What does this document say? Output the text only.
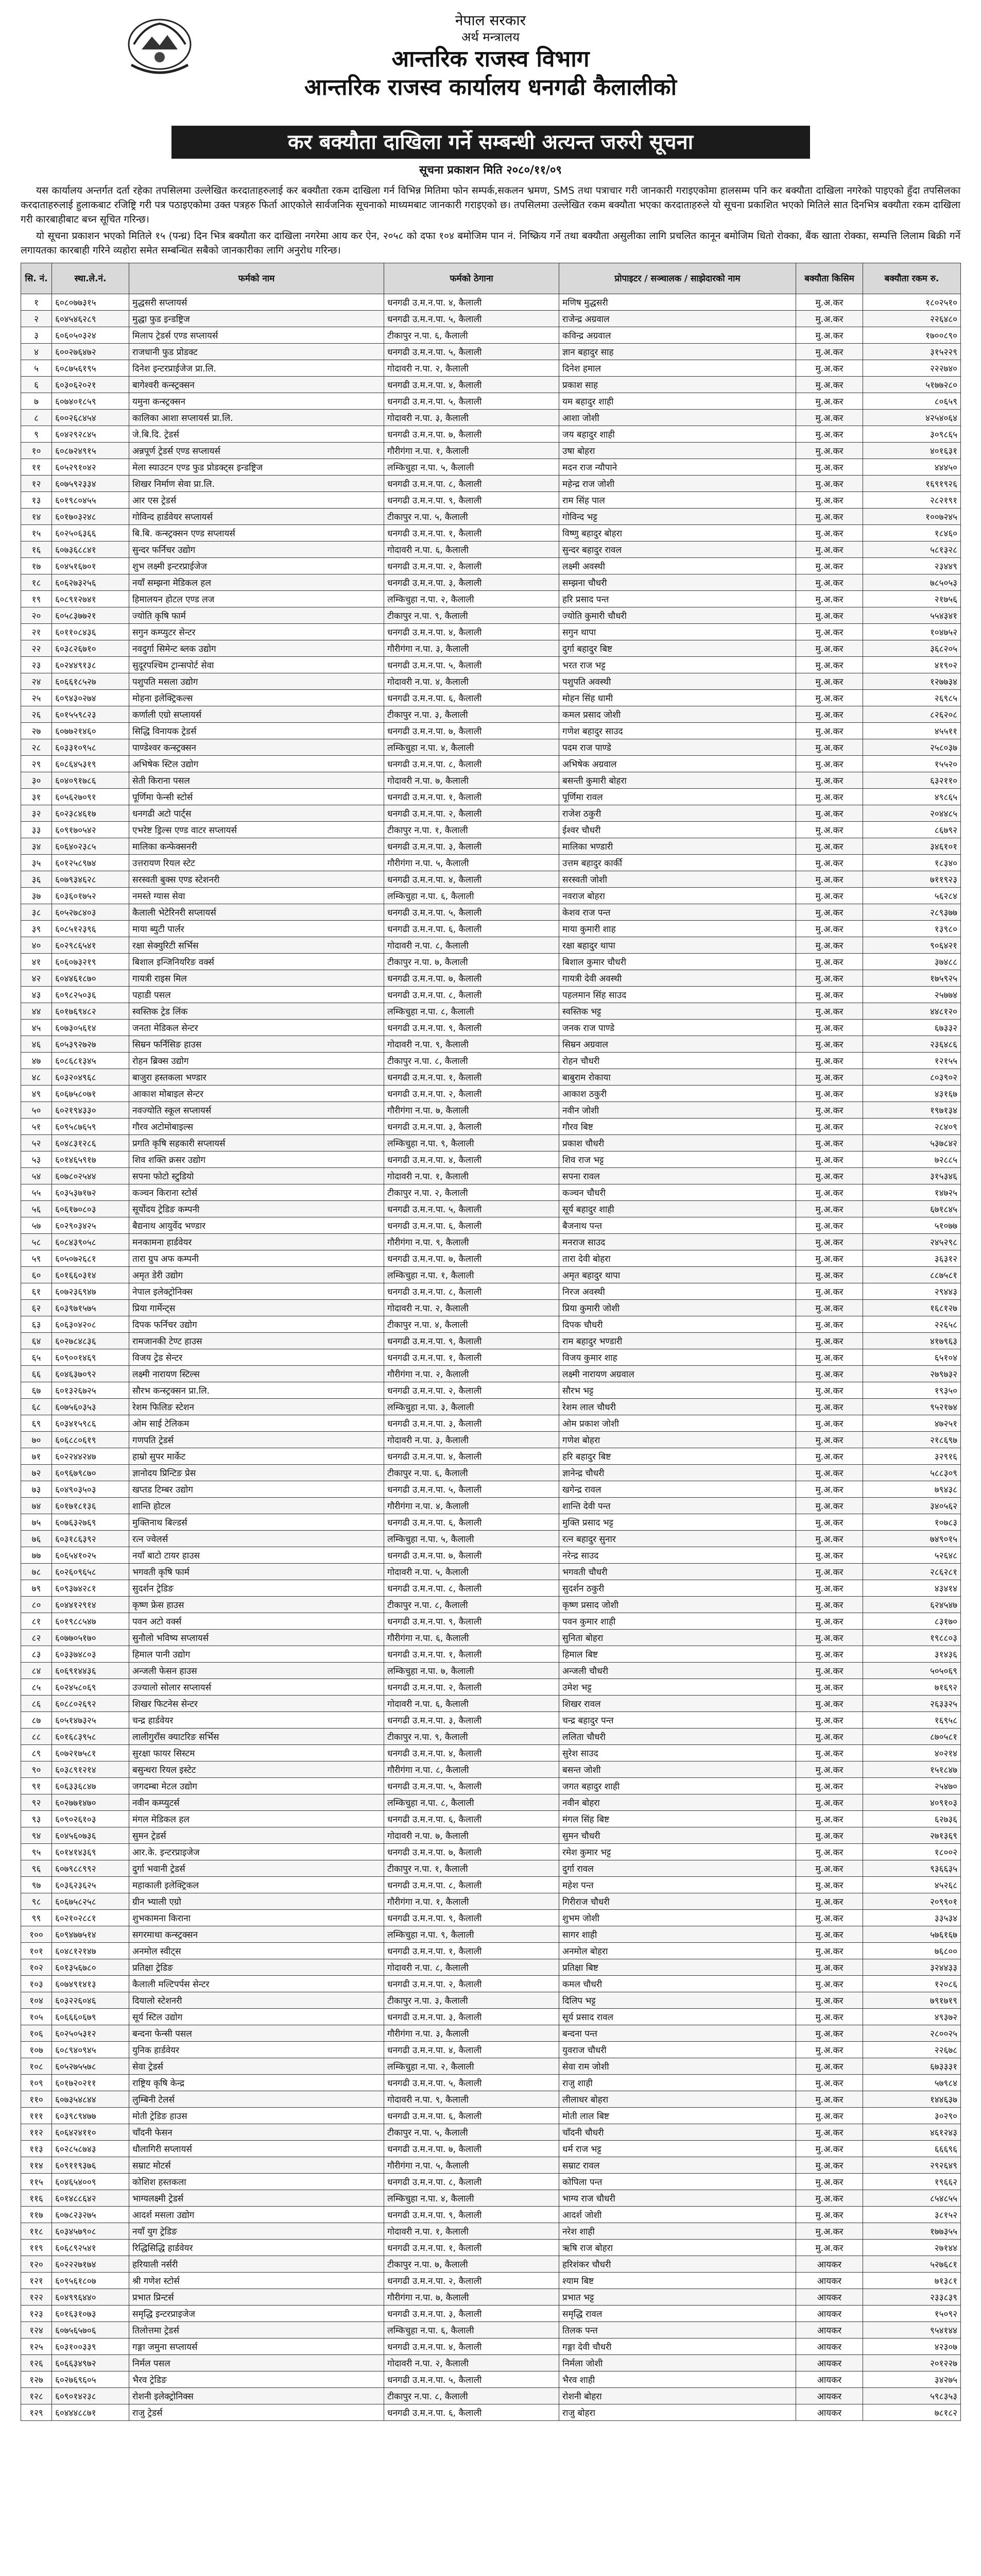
नेपाल सरकार

अर्थ मन्त्रालय

आन्तरिक राजस्व विभाग

आन्तरिक राजस्व कार्यालय धनगढी कैलालीको

कर बक्यौता दाखिला गर्ने सम्बन्धी अत्यन्त जरुरी सूचना
सूचना प्रकाशन मिति २०८०/११/०९

यस कार्यालय अन्तर्गत दर्ता रहेका तपसिलमा उल्लेखित करदाताहरुलाई कर बक्यौता रकम दाखिला गर्न विभिन्न मितिमा फोन सम्पर्क,सकलन भ्रमण, SMS तथा पत्राचार गरी जानकारी गराइएकोमा हालसम्म पनि कर बक्यौता दाखिला नगरेको पाइएको हुँदा तपसिलका करदाताहरुलाई हुलाकबाट रजिष्ट्रि गरी पत्र पठाइएकोमा उक्त पत्रहरु फिर्ता आएकोले सार्वजनिक सूचनाको माध्यमबाट जानकारी गराइएको छ। तपसिलमा उल्लेखित रकम बक्यौता भएका करदाताहरुले यो सूचना प्रकाशित भएको मितिले सात दिनभित्र बक्यौता रकम दाखिला गरी कारबाहीबाट बच्न सूचित गरिन्छ।

यो सूचना प्रकाशन भएको मितिले १५ (पन्ध्र) दिन भित्र बक्यौता कर दाखिला नगरेमा आय कर ऐन, २०५८ को दफा १०४ बमोजिम पान नं. निष्क्रिय गर्ने तथा बक्यौता असुलीका लागि प्रचलित कानून बमोजिम धितो रोक्का, बैंक खाता रोक्का, सम्पत्ति लिलाम बिक्री गर्ने लगायतका कारबाही गरिने व्यहोरा समेत सम्बन्धित सबैको जानकारीका लागि अनुरोध गरिन्छ।

सि. नं.	स्था.ले.नं.	फर्मको नाम	फर्मको ठेगाना	प्रोपाइटर / सञ्चालक / साझेदारको नाम	बक्यौता किसिम	बक्यौता रकम रु.
१	६०८०७७३१५	मुद्धसरी सप्लायर्स	धनगढी उ.म.न.पा. ४, कैलाली	मणिष मुद्धसरी	मु.अ.कर	१८०२५१०
२	६०४५४६२८९	मुद्धा फुड इन्डष्ट्रिज	धनगढी उ.म.न.पा. ५, कैलाली	राजेन्द्र अग्रवाल	मु.अ.कर	२२६४८०
३	६०६०५०३२४	मिलाप ट्रेडर्स एण्ड सप्लायर्स	टीकापुर न.पा. ६, कैलाली	कविन्द्र अग्रवाल	मु.अ.कर	१७००८९०
४	६००२७६४७२	राजधानी फुड प्रोडक्ट	धनगढी उ.म.न.पा. ५, कैलाली	ज्ञान बहादुर साह	मु.अ.कर	३१५२२९
५	६०८७५६१९५	दिनेश इन्टरप्राईजेज प्रा.लि.	गोदावरी न.पा. २, कैलाली	दिनेश हमाल	मु.अ.कर	२२२७४०
६	६०३०६२०२१	बागेश्वरी कन्स्ट्रक्सन	धनगढी उ.म.न.पा. ४, कैलाली	प्रकाश साह	मु.अ.कर	५१७७२८०
७	६०७४०१८५९	यमुना कन्स्ट्रक्सन	धनगढी उ.म.न.पा. ५, कैलाली	यम बहादुर शाही	मु.अ.कर	८०६५९
८	६००२६८४५४	कालिका आशा सप्लायर्स प्रा.लि.	गोदावरी न.पा. ३, कैलाली	आशा जोशी	मु.अ.कर	४२५४०६४
९	६०४२९२८४५	जे.बि.दि. ट्रेडर्स	धनगढी उ.म.न.पा. ७, कैलाली	जय बहादुर शाही	मु.अ.कर	३०९८६५
१०	६०८७२४९१५	अन्नपूर्ण ट्रेडर्स एण्ड सप्लायर्स	गौरीगंगा न.पा. १, कैलाली	उषा बोहरा	मु.अ.कर	४०१६३१
११	६०५२९१०४२	मेला स्याउटन एण्ड फुड प्रोडक्ट्स इन्डष्ट्रिज	लम्किचुहा न.पा. ५, कैलाली	मदन राज न्यौपाने	मु.अ.कर	४४४५०
१२	६०७५९२३३४	शिखर निर्माण सेवा प्रा.लि.	धनगढी उ.म.न.पा. ८, कैलाली	महेन्द्र राज जोशी	मु.अ.कर	१६९१९२६
१३	६०१९८०४५५	आर एस ट्रेडर्स	धनगढी उ.म.न.पा. ९, कैलाली	राम सिंह पाल	मु.अ.कर	२८२१९१
१४	६०१७०३२४८	गोविन्द हार्डवेयर सप्लायर्स	टीकापुर न.पा. ५, कैलाली	गोविन्द भट्ट	मु.अ.कर	१००७२४५
१५	६०२५०६३६६	बि.बि. कन्स्ट्रक्सन एण्ड सप्लायर्स	धनगढी उ.म.न.पा. १, कैलाली	विष्णु बहादुर बोहरा	मु.अ.कर	१८४६०
१६	६०७३६८८४१	सुन्दर फर्निचर उद्योग	गोदावरी न.पा. ६, कैलाली	सुन्दर बहादुर रावल	मु.अ.कर	५८१३२८
१७	६०४५१६७०१	शुभ लक्ष्मी इन्टरप्राईजेज	धनगढी उ.म.न.पा. २, कैलाली	लक्ष्मी अवस्थी	मु.अ.कर	२३४४९
१८	६०६२७३२५६	नयाँ सम्झना मेडिकल हल	धनगढी उ.म.न.पा. ३, कैलाली	सम्झना चौधरी	मु.अ.कर	७८५०५३
१९	६०८९१२७४१	हिमालयन होटल एण्ड लज	लम्किचुहा न.पा. २, कैलाली	हरि प्रसाद पन्त	मु.अ.कर	२१७५६
२०	६०५८३७७२१	ज्योति कृषि फार्म	टीकापुर न.पा. ९, कैलाली	ज्योति कुमारी चौधरी	मु.अ.कर	५५४३४१
२१	६०११०८४३६	सगुन कम्प्युटर सेन्टर	धनगढी उ.म.न.पा. ४, कैलाली	सगुन थापा	मु.अ.कर	१०४७५२
२२	६०३८२६७१०	नवदुर्गा सिमेन्ट ब्लक उद्योग	गौरीगंगा न.पा. ३, कैलाली	दुर्गा बहादुर बिष्ट	मु.अ.कर	३६८२०५
२३	६०२४४९१३८	सुदूरपश्चिम ट्रान्सपोर्ट सेवा	धनगढी उ.म.न.पा. ५, कैलाली	भरत राज भट्ट	मु.अ.कर	४१९०२
२४	६०६६१८५२७	पशुपति मसला उद्योग	गोदावरी न.पा. ४, कैलाली	पशुपति अवस्थी	मु.अ.कर	१२७७३४
२५	६०९४३०२७४	मोहना इलेक्ट्रिकल्स	धनगढी उ.म.न.पा. ६, कैलाली	मोहन सिंह धामी	मु.अ.कर	२६९८५
२६	६०१५५९८२३	कर्णाली एग्रो सप्लायर्स	टीकापुर न.पा. ३, कैलाली	कमल प्रसाद जोशी	मु.अ.कर	८२६२०८
२७	६०७७२१४६०	सिद्धि विनायक ट्रेडर्स	धनगढी उ.म.न.पा. ७, कैलाली	गणेश बहादुर साउद	मु.अ.कर	४५५११
२८	६०३३१०९५८	पाण्डेश्वर कन्स्ट्रक्सन	लम्किचुहा न.पा. ४, कैलाली	पदम राज पाण्डे	मु.अ.कर	२५८०३७
२९	६०८६४५३१९	अभिषेक स्टिल उद्योग	धनगढी उ.म.न.पा. ८, कैलाली	अभिषेक अग्रवाल	मु.अ.कर	१५५२०
३०	६०४०९१७८६	सेती किराना पसल	गोदावरी न.पा. ७, कैलाली	बसन्ती कुमारी बोहरा	मु.अ.कर	६३२११०
३१	६०५६२७०९१	पूर्णिमा फेन्सी स्टोर्स	धनगढी उ.म.न.पा. १, कैलाली	पूर्णिमा रावल	मु.अ.कर	४९८६५
३२	६०२३८४६१७	धनगढी अटो पार्ट्स	धनगढी उ.म.न.पा. २, कैलाली	राजेश ठकुरी	मु.अ.कर	२०४४८५
३३	६०९१७०५४२	एभरेष्ट ड्रिल्स एण्ड वाटर सप्लायर्स	टीकापुर न.पा. १, कैलाली	ईश्वर चौधरी	मु.अ.कर	८६७९२
३४	६०६४०२३८५	मालिका कन्फेक्सनरी	धनगढी उ.म.न.पा. ३, कैलाली	मालिका भण्डारी	मु.अ.कर	३४६१०१
३५	६०१२५८९७४	उत्तरायण रियल स्टेट	गौरीगंगा न.पा. ५, कैलाली	उत्तम बहादुर कार्की	मु.अ.कर	१८३४०
३६	६०७९३४६२८	सरस्वती बुक्स एण्ड स्टेशनरी	धनगढी उ.म.न.पा. ४, कैलाली	सरस्वती जोशी	मु.अ.कर	७११९२३
३७	६०३६०१७५२	नमस्ते ग्यास सेवा	लम्किचुहा न.पा. ६, कैलाली	नवराज बोहरा	मु.अ.कर	५६२८४
३८	६०५२७८४०३	कैलाली भेटेरिनरी सप्लायर्स	धनगढी उ.म.न.पा. ५, कैलाली	केशव राज पन्त	मु.अ.कर	२८९३७७
३९	६०८५१२३९६	माया ब्युटी पार्लर	धनगढी उ.म.न.पा. ६, कैलाली	माया कुमारी शाह	मु.अ.कर	१३९८०
४०	६०२९८६५४१	रक्षा सेक्युरिटी सर्भिस	गोदावरी न.पा. ८, कैलाली	रक्षा बहादुर थापा	मु.अ.कर	९०६४२१
४१	६०६०७३२१९	बिशाल इन्जिनियरिङ वर्क्स	टीकापुर न.पा. ७, कैलाली	बिशाल कुमार चौधरी	मु.अ.कर	३७४८८
४२	६०४४६१८७०	गायत्री राइस मिल	धनगढी उ.म.न.पा. ७, कैलाली	गायत्री देवी अवस्थी	मु.अ.कर	१७५९२५
४३	६०९८२५०३६	पहाडी पसल	धनगढी उ.म.न.पा. ८, कैलाली	पहलमान सिंह साउद	मु.अ.कर	२५७७४
४४	६०१७६९४८२	स्वस्तिक ट्रेड लिंक	लम्किचुहा न.पा. ८, कैलाली	स्वस्तिक भट्ट	मु.अ.कर	४४८१२०
४५	६०७३०५६१४	जनता मेडिकल सेन्टर	धनगढी उ.म.न.पा. ९, कैलाली	जनक राज पाण्डे	मु.अ.कर	६७३३२
४६	६०५३९२७२७	सिम्रन फर्निसिङ हाउस	गोदावरी न.पा. ९, कैलाली	सिम्रन अग्रवाल	मु.अ.कर	२३६४८६
४७	६०८६८१३४५	रोहन ब्रिक्स उद्योग	टीकापुर न.पा. ८, कैलाली	रोहन चौधरी	मु.अ.कर	१२१५५
४८	६०३२०४९६८	बाजुरा हस्तकला भण्डार	धनगढी उ.म.न.पा. १, कैलाली	बाबुराम रोकाया	मु.अ.कर	८०३९०२
४९	६०६७५८०७१	आकाश मोबाइल सेन्टर	धनगढी उ.म.न.पा. २, कैलाली	आकाश ठकुरी	मु.अ.कर	४३१६७
५०	६०२१९४३३०	नवज्योति स्कूल सप्लायर्स	गौरीगंगा न.पा. ७, कैलाली	नवीन जोशी	मु.अ.कर	१९७१३४
५१	६०९५८७६५९	गौरव अटोमोबाइल्स	धनगढी उ.म.न.पा. ३, कैलाली	गौरव बिष्ट	मु.अ.कर	२८४०९
५२	६०४८३१२८६	प्रगति कृषि सहकारी सप्लायर्स	लम्किचुहा न.पा. ९, कैलाली	प्रकाश चौधरी	मु.अ.कर	५३७८४२
५३	६०१४६५९१७	शिव शक्ति क्रसर उद्योग	धनगढी उ.म.न.पा. ४, कैलाली	शिव राज भट्ट	मु.अ.कर	७२८८५
५४	६०७८०२५४४	सपना फोटो स्टुडियो	गोदावरी न.पा. १, कैलाली	सपना रावल	मु.अ.कर	३१५३४६
५५	६०३५३७१७२	कञ्चन किराना स्टोर्स	टीकापुर न.पा. २, कैलाली	कञ्चन चौधरी	मु.अ.कर	१४७२५
५६	६०६१७०८०३	सूर्योदय ट्रेडिङ कम्पनी	धनगढी उ.म.न.पा. ५, कैलाली	सूर्य बहादुर शाही	मु.अ.कर	६७१८४५
५७	६०२९०३४२५	बैद्यनाथ आयुर्वेद भण्डार	धनगढी उ.म.न.पा. ६, कैलाली	बैजनाथ पन्त	मु.अ.कर	५१०७७
५८	६०८४३९०५८	मनकामना हार्डवेयर	गौरीगंगा न.पा. ९, कैलाली	मनराज साउद	मु.अ.कर	२४५२९८
५९	६०५०७२६८१	तारा ग्रुप अफ कम्पनी	धनगढी उ.म.न.पा. ७, कैलाली	तारा देवी बोहरा	मु.अ.कर	३६३१२
६०	६०१६६०३१४	अमृत डेरी उद्योग	लम्किचुहा न.पा. १, कैलाली	अमृत बहादुर थापा	मु.अ.कर	८८७५८१
६१	६०७२३६९४७	नेपाल इलेक्ट्रोनिक्स	धनगढी उ.म.न.पा. ८, कैलाली	निरज अवस्थी	मु.अ.कर	२९४४३
६२	६०३९७१५७५	प्रिया गार्मेन्ट्स	गोदावरी न.पा. २, कैलाली	प्रिया कुमारी जोशी	मु.अ.कर	१६८१२७
६३	६०६३०४२०८	दिपक फर्निचर उद्योग	टीकापुर न.पा. ४, कैलाली	दिपक चौधरी	मु.अ.कर	२२६५८
६४	६०२७८४८३६	रामजानकी टेण्ट हाउस	धनगढी उ.म.न.पा. ९, कैलाली	राम बहादुर भण्डारी	मु.अ.कर	४१७९६३
६५	६०९००१४६९	विजय ट्रेड सेन्टर	धनगढी उ.म.न.पा. १, कैलाली	विजय कुमार शाह	मु.अ.कर	६५१०४
६६	६०४६३७०९२	लक्ष्मी नारायण स्टिल्स	गौरीगंगा न.पा. २, कैलाली	लक्ष्मी नारायण अग्रवाल	मु.अ.कर	२७९७३२
६७	६०१३२६७२५	सौरभ कन्स्ट्रक्सन प्रा.लि.	धनगढी उ.म.न.पा. २, कैलाली	सौरभ भट्ट	मु.अ.कर	१९३५०
६८	६०७५६०३५३	रेशम फिलिङ स्टेशन	लम्किचुहा न.पा. ३, कैलाली	रेशम लाल चौधरी	मु.अ.कर	९५२१७४
६९	६०३४१५९८६	ओम साई टेलिकम	धनगढी उ.म.न.पा. ३, कैलाली	ओम प्रकाश जोशी	मु.अ.कर	४७२५१
७०	६०६८८०६१९	गणपति ट्रेडर्स	गोदावरी न.पा. ३, कैलाली	गणेश बोहरा	मु.अ.कर	२१८६९७
७१	६०२२४४२४७	हाम्रो सुपर मार्केट	धनगढी उ.म.न.पा. ४, कैलाली	हरि बहादुर बिष्ट	मु.अ.कर	३२९१६
७२	६०९६७९८७०	ज्ञानोदय प्रिन्टिङ प्रेस	टीकापुर न.पा. ६, कैलाली	ज्ञानेन्द्र चौधरी	मु.अ.कर	५८८३०९
७३	६०४९०३५०३	खप्तड टिम्बर उद्योग	धनगढी उ.म.न.पा. ५, कैलाली	खगेन्द्र रावल	मु.अ.कर	७९४३८
७४	६०१७१८१३६	शान्ति होटल	गौरीगंगा न.पा. ४, कैलाली	शान्ति देवी पन्त	मु.अ.कर	३४०५६२
७५	६०७६३२७६९	मुक्तिनाथ बिल्डर्स	धनगढी उ.म.न.पा. ६, कैलाली	मुक्ति प्रसाद भट्ट	मु.अ.कर	१०७८३
७६	६०३१८६३९२	रत्न ज्वेलर्स	लम्किचुहा न.पा. ५, कैलाली	रत्न बहादुर सुनार	मु.अ.कर	७४९०१५
७७	६०६५४१०२५	नयाँ बाटो टायर हाउस	धनगढी उ.म.न.पा. ७, कैलाली	नरेन्द्र साउद	मु.अ.कर	५२६४८
७८	६०२६०९६५८	भगवती कृषि फार्म	गोदावरी न.पा. ५, कैलाली	भगवती चौधरी	मु.अ.कर	२८६२८१
७९	६०९३७४२८१	सुदर्शन ट्रेडिङ	धनगढी उ.म.न.पा. ८, कैलाली	सुदर्शन ठकुरी	मु.अ.कर	४३४१४
८०	६०४४१२९१४	कृष्ण फ्रेस हाउस	टीकापुर न.पा. ८, कैलाली	कृष्ण प्रसाद जोशी	मु.अ.कर	६२४५४७
८१	६०१९८८५४७	पवन अटो वर्क्स	धनगढी उ.म.न.पा. ९, कैलाली	पवन कुमार शाही	मु.अ.कर	८३१७०
८२	६०७७०५१७०	सुनौलो भविष्य सप्लायर्स	गौरीगंगा न.पा. ६, कैलाली	सुनिता बोहरा	मु.अ.कर	१९८८०३
८३	६०३३७४८०३	हिमाल पानी उद्योग	धनगढी उ.म.न.पा. १, कैलाली	हिमाल बिष्ट	मु.अ.कर	३१४३६
८४	६०६९१४४३६	अन्जली फेसन हाउस	लम्किचुहा न.पा. ७, कैलाली	अन्जली चौधरी	मु.अ.कर	५०५०६९
८५	६०२४५८०६९	उज्यालो सोलार सप्लायर्स	धनगढी उ.म.न.पा. २, कैलाली	उमेश भट्ट	मु.अ.कर	७१६९२
८६	६०८८०२६९२	शिखर फिटनेस सेन्टर	गोदावरी न.पा. ६, कैलाली	शिखर रावल	मु.अ.कर	२६३३२५
८७	६०५१४७३२५	चन्द्र हार्डवेयर	धनगढी उ.म.न.पा. ३, कैलाली	चन्द्र बहादुर पन्त	मु.अ.कर	१६९५८
८८	६०१६८३९५८	लालीगुराँस क्याटरिङ सर्भिस	टीकापुर न.पा. ९, कैलाली	ललिता चौधरी	मु.अ.कर	८७०५८१
८९	६०७२१७५८१	सुरक्षा फायर सिस्टम	धनगढी उ.म.न.पा. ४, कैलाली	सुरेश साउद	मु.अ.कर	४०२१४
९०	६०३८९१२१४	बसुन्धरा रियल इस्टेट	गौरीगंगा न.पा. ८, कैलाली	बसन्त जोशी	मु.अ.कर	१५१८४७
९१	६०६३३६८४७	जगदम्बा मेटल उद्योग	धनगढी उ.म.न.पा. ५, कैलाली	जगत बहादुर शाही	मु.अ.कर	२५४७०
९२	६०२७७१४७०	नवीन कम्प्युटर्स	लम्किचुहा न.पा. ८, कैलाली	नवीन बोहरा	मु.अ.कर	४०९१०३
९३	६०९०२६१०३	मंगल मेडिकल हल	धनगढी उ.म.न.पा. ६, कैलाली	मंगल सिंह बिष्ट	मु.अ.कर	६२७३६
९४	६०४५६०७३६	सुमन ट्रेडर्स	गोदावरी न.पा. ७, कैलाली	सुमन चौधरी	मु.अ.कर	२७१३६९
९५	६०१४१४३६९	आर.के. इन्टरप्राइजेज	धनगढी उ.म.न.पा. ७, कैलाली	रमेश कुमार भट्ट	मु.अ.कर	१८००२
९६	६०७९८८९९२	दुर्गा भवानी ट्रेडर्स	टीकापुर न.पा. १, कैलाली	दुर्गा रावल	मु.अ.कर	९३६६३५
९७	६०३६२३६२५	महाकाली इलेक्ट्रिकल	धनगढी उ.म.न.पा. ८, कैलाली	महेश पन्त	मु.अ.कर	४५२६८
९८	६०६७५८२५८	ग्रीन भ्याली एग्रो	गौरीगंगा न.पा. १, कैलाली	गिरीराज चौधरी	मु.अ.कर	२०९९०१
९९	६०२१०२८८१	शुभकामना किराना	धनगढी उ.म.न.पा. ९, कैलाली	शुभम जोशी	मु.अ.कर	३३५३४
१००	६०९४७७५१४	सगरमाथा कन्स्ट्रक्सन	लम्किचुहा न.पा. ९, कैलाली	सागर शाही	मु.अ.कर	५७६१६७
१०१	६०४८१२१४७	अनमोल स्वीट्स	धनगढी उ.म.न.पा. १, कैलाली	अनमोल बोहरा	मु.अ.कर	७६८००
१०२	६०१३५६७८०	प्रतिक्षा ट्रेडिङ	गोदावरी न.पा. ८, कैलाली	प्रतिक्षा बिष्ट	मु.अ.कर	३२४४३३
१०३	६०७४९१४१३	कैलाली मल्टिपर्पस सेन्टर	धनगढी उ.म.न.पा. २, कैलाली	कमल चौधरी	मु.अ.कर	१२०८६
१०४	६०३२२६०४६	दियालो स्टेशनरी	टीकापुर न.पा. ३, कैलाली	दिलिप भट्ट	मु.अ.कर	७९१७१९
१०५	६०६६६०६७९	सूर्य स्टिल उद्योग	धनगढी उ.म.न.पा. ३, कैलाली	सूर्य प्रसाद रावल	मु.अ.कर	४९३७२
१०६	६०२५०५३१२	बन्दना फेन्सी पसल	गौरीगंगा न.पा. ३, कैलाली	बन्दना पन्त	मु.अ.कर	२८००२५
१०७	६०८९४०९४५	युनिक हार्डवेयर	धनगढी उ.म.न.पा. ४, कैलाली	युवराज चौधरी	मु.अ.कर	२२६७८
१०८	६०५२७५५७८	सेवा ट्रेडर्स	लम्किचुहा न.पा. २, कैलाली	सेवा राम जोशी	मु.अ.कर	६७३३३१
१०९	६०१७२०२११	राष्ट्रिय कृषि केन्द्र	धनगढी उ.म.न.पा. ५, कैलाली	राजु शाही	मु.अ.कर	५७९८४
११०	६०७३५४८४४	लुम्बिनी टेलर्स	गोदावरी न.पा. ९, कैलाली	लीलाधर बोहरा	मु.अ.कर	१४४६३७
१११	६०३९८९४७७	मोती ट्रेडिङ हाउस	धनगढी उ.म.न.पा. ६, कैलाली	मोती लाल बिष्ट	मु.अ.कर	३०२९०
११२	६०६४२४११०	चाँदनी फेसन	टीकापुर न.पा. ५, कैलाली	चाँदनी चौधरी	मु.अ.कर	४६१२४३
११३	६०२८५८७४३	धौलागिरी सप्लायर्स	धनगढी उ.म.न.पा. ७, कैलाली	धर्म राज भट्ट	मु.अ.कर	६६६९६
११४	६०९११९३७६	सम्राट मोटर्स	गौरीगंगा न.पा. ५, कैलाली	सम्राट रावल	मु.अ.कर	२९२६४९
११५	६०४६५४००९	कोशिश हस्तकला	धनगढी उ.म.न.पा. ८, कैलाली	कोपिला पन्त	मु.अ.कर	१९६६२
११६	६०१४८८६४२	भाग्यलक्ष्मी ट्रेडर्स	लम्किचुहा न.पा. ४, कैलाली	भाग्य राज चौधरी	मु.अ.कर	८५४८५५
११७	६०७८२३२७५	आदर्श मसला उद्योग	धनगढी उ.म.न.पा. ९, कैलाली	आदर्श जोशी	मु.अ.कर	३८१५२
११८	६०३४५७९०८	नयाँ युग ट्रेडिङ	गोदावरी न.पा. १, कैलाली	नरेश शाही	मु.अ.कर	१७७३५५
११९	६०६८९२५४१	रिद्धिसिद्धि हार्डवेयर	धनगढी उ.म.न.पा. १, कैलाली	ऋषि राज बोहरा	मु.अ.कर	२७१४४
१२०	६०२२२७१७४	हरियाली नर्सरी	टीकापुर न.पा. ७, कैलाली	हरिशंकर चौधरी	आयकर	५२७६८१
१२१	६०९५६१८०७	श्री गणेश स्टोर्स	धनगढी उ.म.न.पा. २, कैलाली	श्याम बिष्ट	आयकर	७१३८१
१२२	६०४९९६४४०	प्रभात प्रिन्टर्स	गौरीगंगा न.पा. ७, कैलाली	प्रभात भट्ट	आयकर	२३३८३९
१२३	६०१६३१०७३	समृद्धि इन्टरप्राइजेज	धनगढी उ.म.न.पा. ३, कैलाली	समृद्धि रावल	आयकर	१५०९२
१२४	६०७५६५७०६	तिलोत्तमा ट्रेडर्स	लम्किचुहा न.पा. ६, कैलाली	तिलक पन्त	आयकर	९५४१४४
१२५	६०३१००३३९	गङ्गा जमुना सप्लायर्स	धनगढी उ.म.न.पा. ४, कैलाली	गङ्गा देवी चौधरी	आयकर	४२३०७
१२६	६०६६३४९७२	निर्मल पसल	गोदावरी न.पा. २, कैलाली	निर्मला जोशी	आयकर	२०१२२७
१२७	६०२७६९६०५	भैरव ट्रेडिङ	धनगढी उ.म.न.पा. ५, कैलाली	भैरव शाही	आयकर	३४२७५
१२८	६०९०१४२३८	रोशनी इलेक्ट्रोनिक्स	टीकापुर न.पा. ८, कैलाली	रोशनी बोहरा	आयकर	५९८३५३
१२९	६०४४४८८७१	राजु ट्रेडर्स	धनगढी उ.म.न.पा. ६, कैलाली	राजु बोहरा	आयकर	७८१८२
